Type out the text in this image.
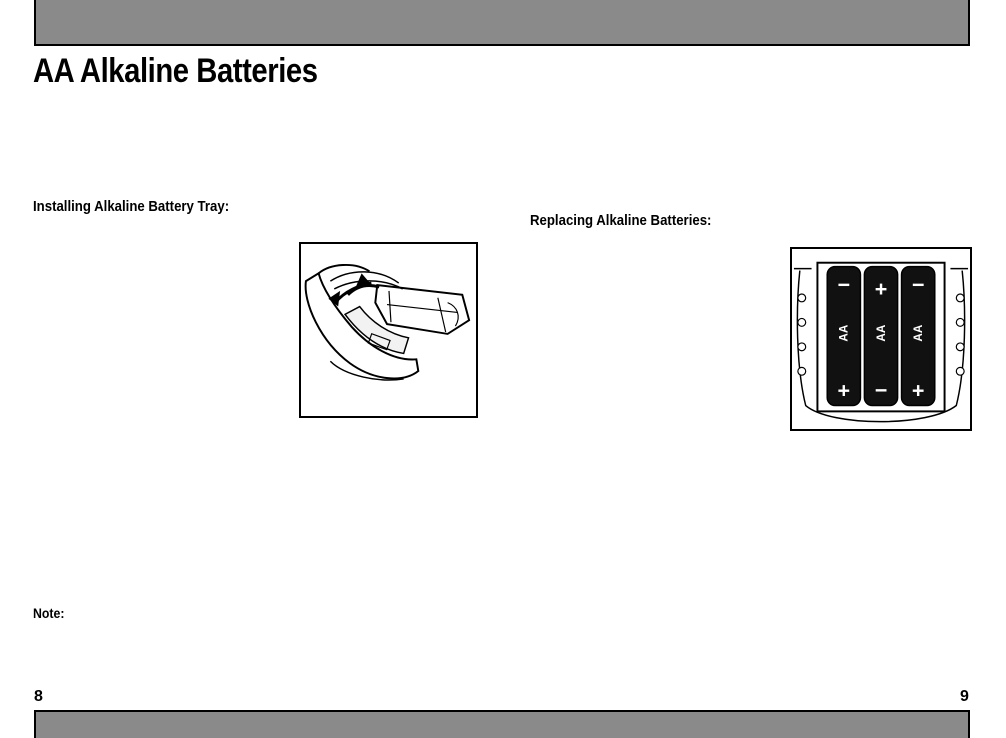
AA Alkaline Batteries
Installing Alkaline Battery Tray:
Replacing Alkaline Batteries:
−
AA
+
+
AA
−
−
AA
+
Note:
8	9
